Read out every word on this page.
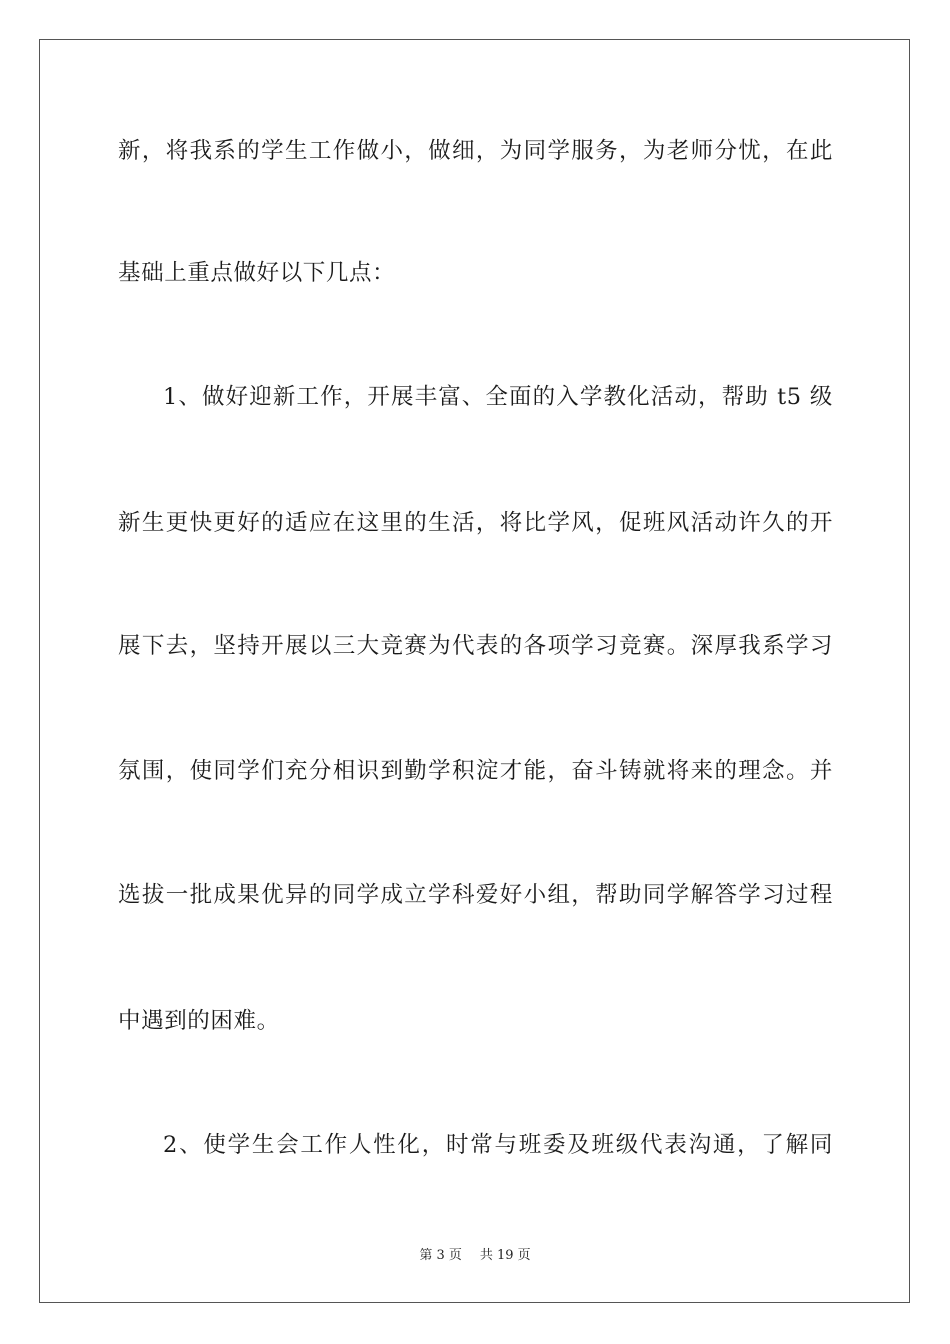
新，将我系的学生工作做小，做细，为同学服务，为老师分忧，在此
基础上重点做好以下几点：
1、做好迎新工作，开展丰富、全面的入学教化活动，帮助 t5 级
新生更快更好的适应在这里的生活，将比学风，促班风活动许久的开
展下去，坚持开展以三大竞赛为代表的各项学习竞赛。深厚我系学习
氛围，使同学们充分相识到勤学积淀才能，奋斗铸就将来的理念。并
选拔一批成果优异的同学成立学科爱好小组，帮助同学解答学习过程
中遇到的困难。
2、使学生会工作人性化，时常与班委及班级代表沟通，了解同
第 3 页 共 19 页
